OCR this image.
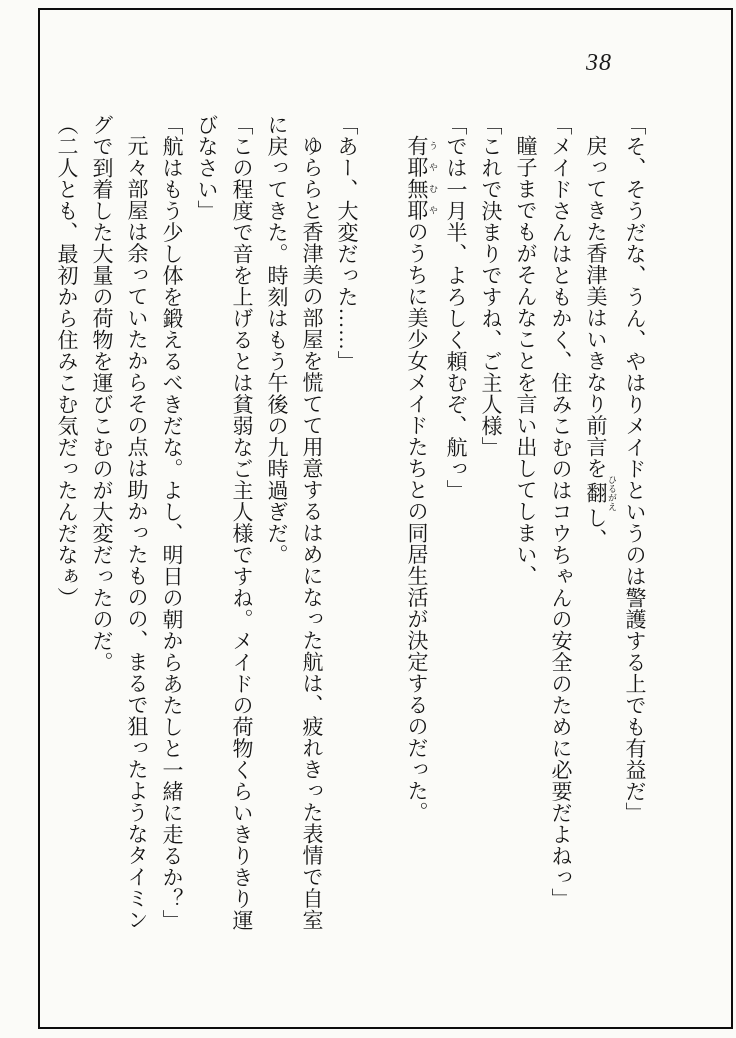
38

「そ、そうだな、うん、やはりメイドというのは警護する上でも有益だ」

戻ってきた香津美はいきなり前言を翻 ひるがえし、

「メイドさんはともかく、住みこむのはコウちゃんの安全のために必要だよねっ」

瞳子までもがそんなことを言い出してしまい、

「これで決まりですね、ご主人様」

「では一月半、よろしく頼むぞ、航っ」

有耶無耶 うやむやのうちに美少女メイドたちとの同居生活が決定するのだった。

「あー、大変だった……」

ゆららと香津美の部屋を慌てて用意するはめになった航は、疲れきった表情で自室

に戻ってきた。時刻はもう午後の九時過ぎだ。

「この程度で音を上げるとは貧弱なご主人様ですね。メイドの荷物くらいきりきり運

びなさい」

「航はもう少し体を鍛えるべきだな。よし、明日の朝からあたしと一緒に走るか？」

元々部屋は余っていたからその点は助かったものの、まるで狙ったようなタイミン

グで到着した大量の荷物を運びこむのが大変だったのだ。

（二人とも、最初から住みこむ気だったんだなぁ）
